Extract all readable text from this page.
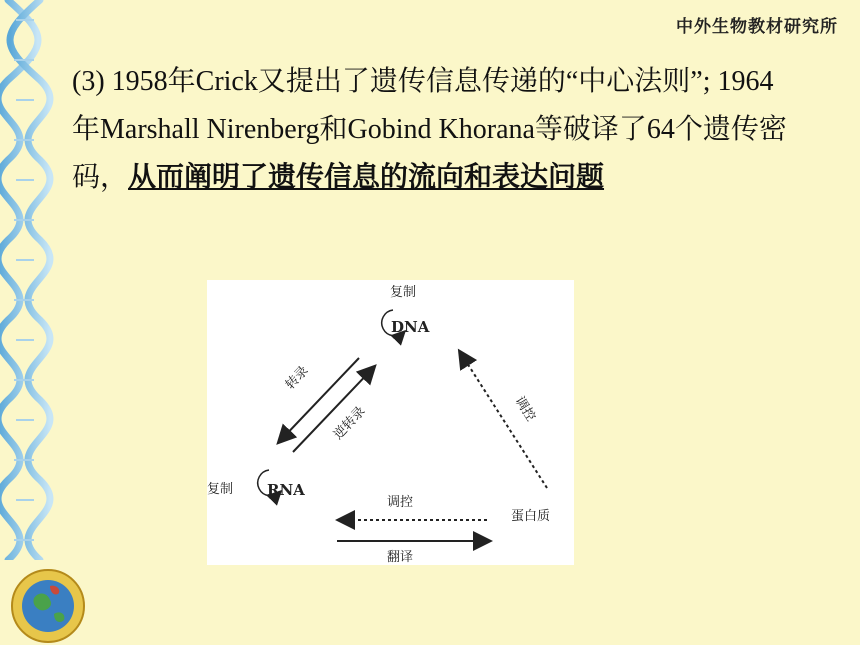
中外生物教材研究所
(3) 1958年Crick又提出了遗传信息传递的“中心法则”; 1964年Marshall Nirenberg和Gobind Khorana等破译了64个遗传密码，从而阐明了遗传信息的流向和表达问题
复制
DNA
转录
逆转录	调控
复制 RNA
调控
蛋白质
翻译
